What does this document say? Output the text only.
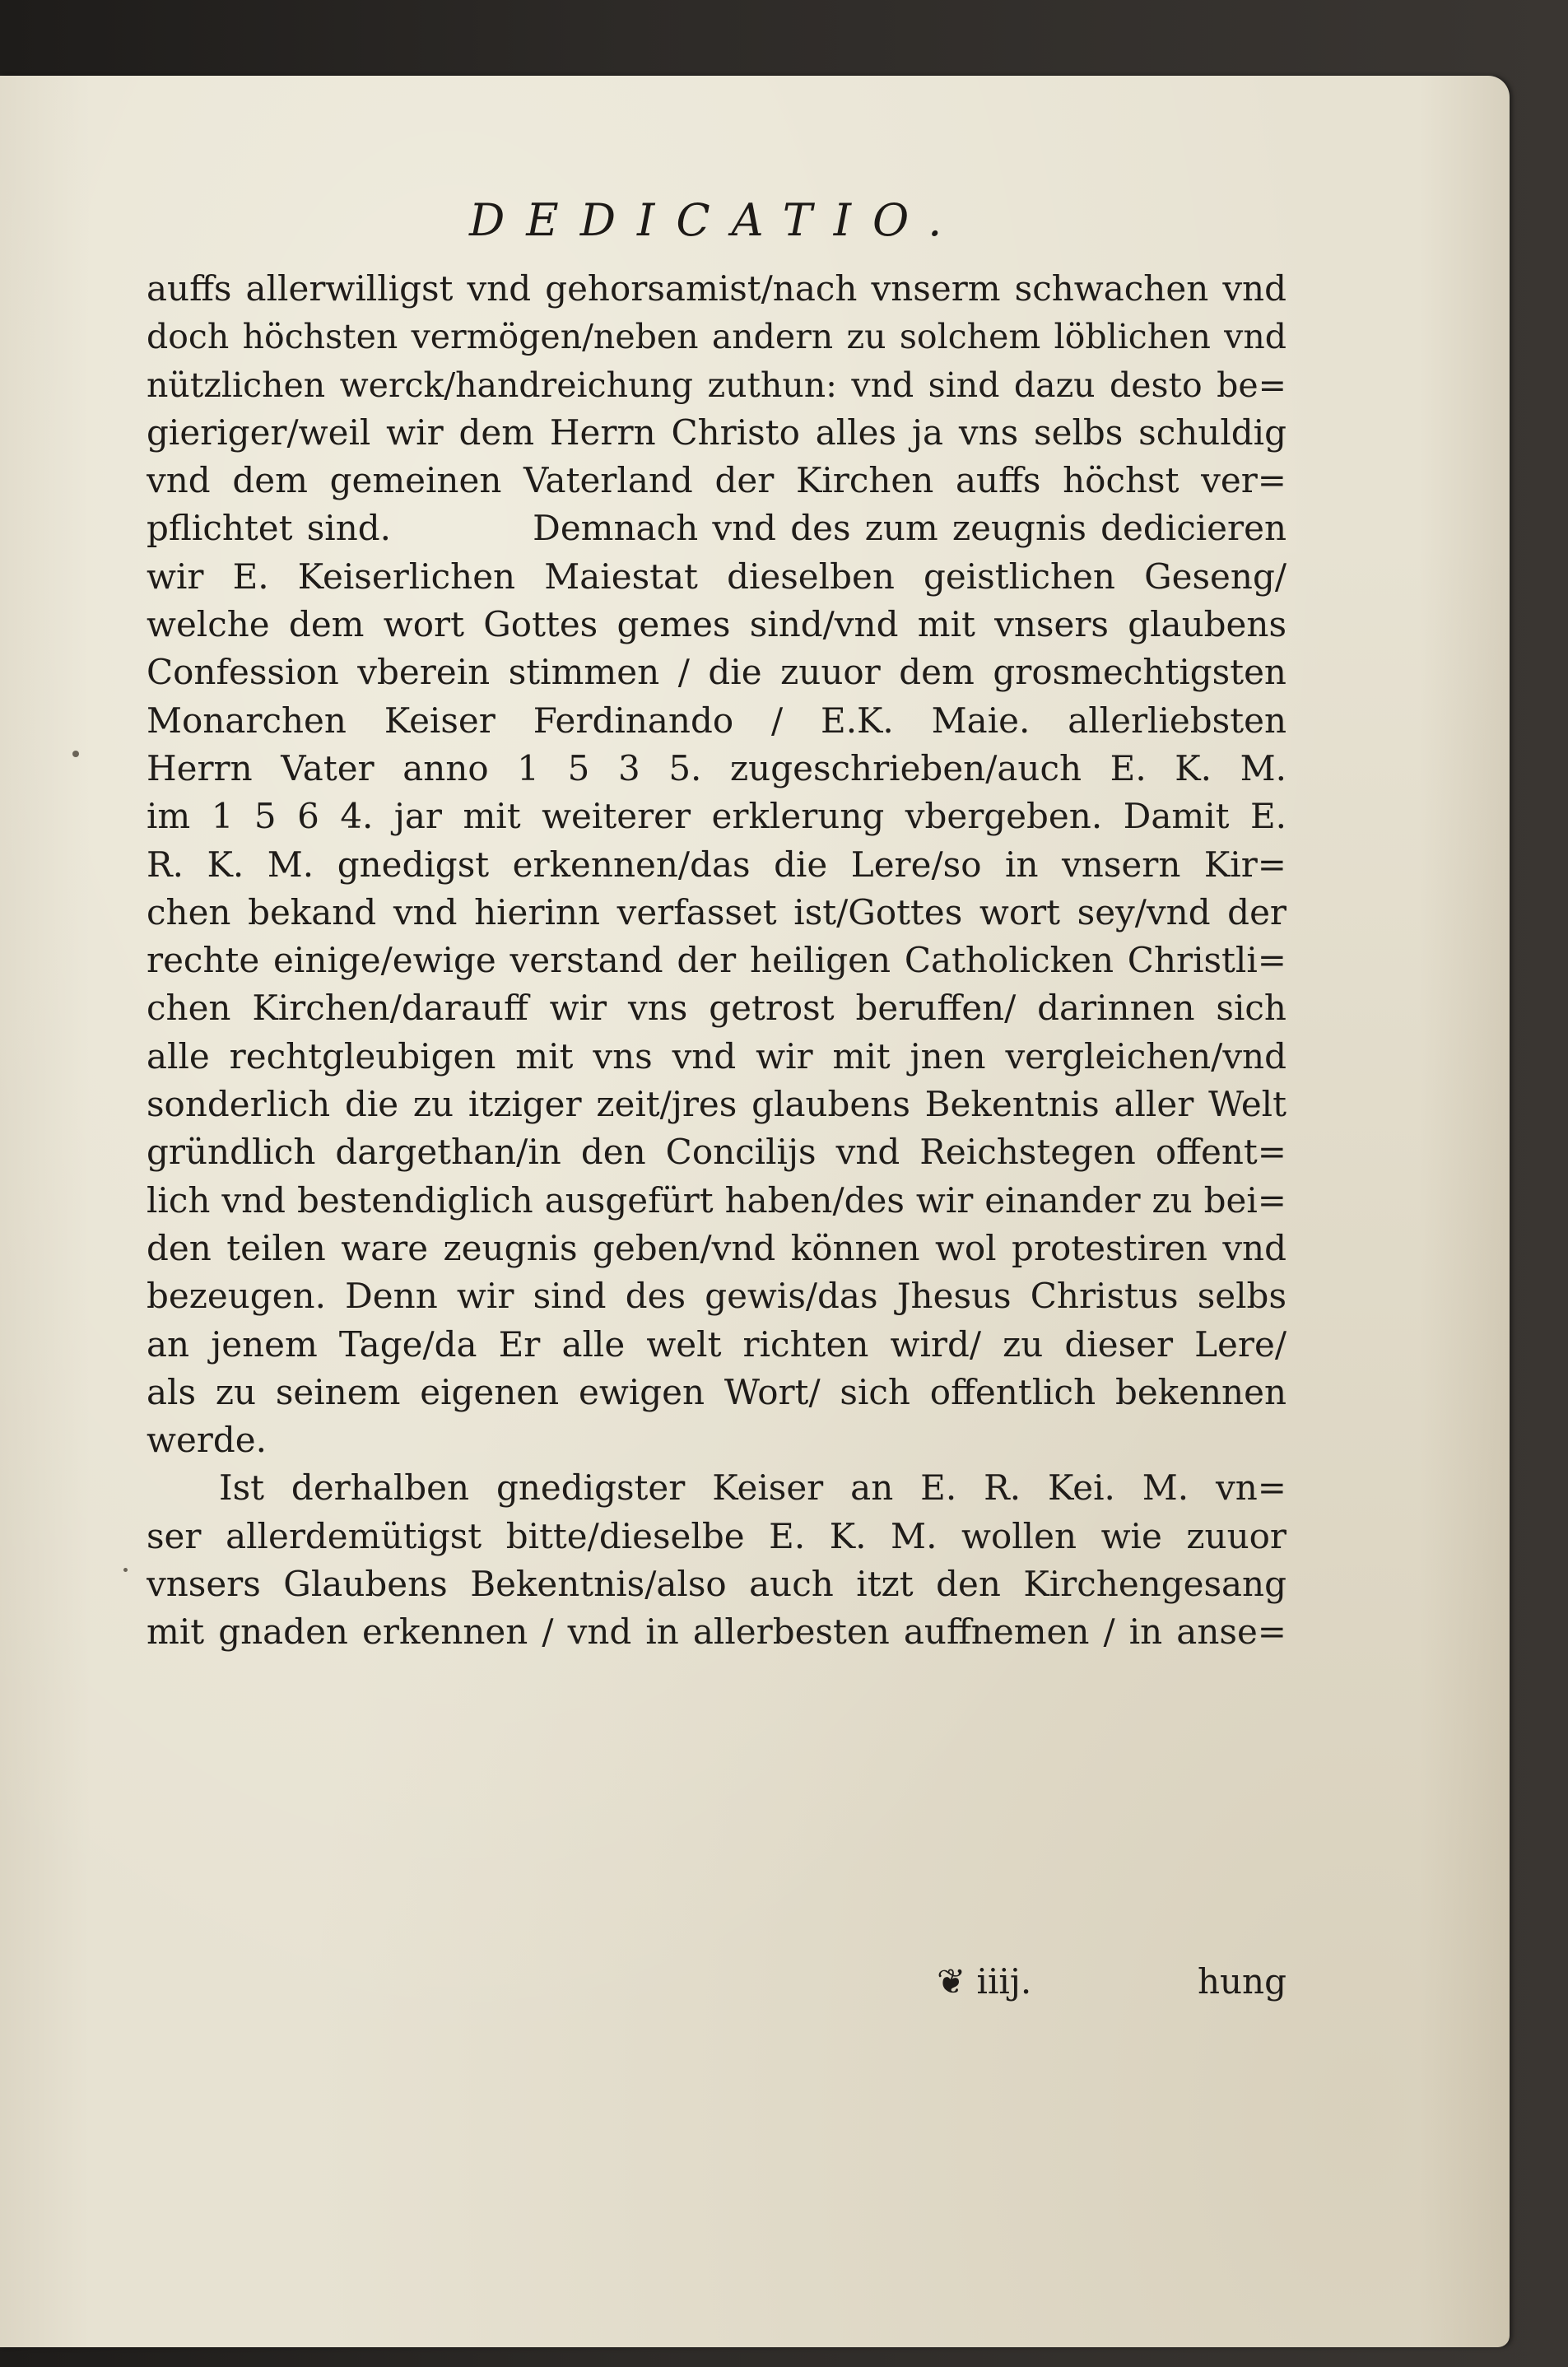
DEDICATIO.
auffs allerwilligst vnd gehorsamist/nach vnserm schwachen vnd
doch höchsten vermögen/neben andern zu solchem löblichen vnd
nützlichen werck/handreichung zuthun: vnd sind dazu desto be=
gieriger/weil wir dem Herrn Christo alles ja vns selbs schuldig
vnd dem gemeinen Vaterland der Kirchen auffs höchst ver=
pflichtet sind.          Demnach vnd des zum zeugnis dedicieren
wir E. Keiserlichen Maiestat dieselben geistlichen Geseng/
welche dem wort Gottes gemes sind/vnd mit vnsers glaubens
Confession vberein stimmen / die zuuor dem grosmechtigsten
Monarchen Keiser Ferdinando / E.K. Maie. allerliebsten
Herrn Vater anno 1 5 3 5. zugeschrieben/auch E. K. M.
im 1 5 6 4. jar mit weiterer erklerung vbergeben. Damit E.
R. K. M. gnedigst erkennen/das die Lere/so in vnsern Kir=
chen bekand vnd hierinn verfasset ist/Gottes wort sey/vnd der
rechte einige/ewige verstand der heiligen Catholicken Christli=
chen Kirchen/darauff wir vns getrost beruffen/ darinnen sich
alle rechtgleubigen mit vns vnd wir mit jnen vergleichen/vnd
sonderlich die zu itziger zeit/jres glaubens Bekentnis aller Welt
gründlich dargethan/in den Concilijs vnd Reichstegen offent=
lich vnd bestendiglich ausgefürt haben/des wir einander zu bei=
den teilen ware zeugnis geben/vnd können wol protestiren vnd
bezeugen. Denn wir sind des gewis/das Jhesus Christus selbs
an jenem Tage/da Er alle welt richten wird/ zu dieser Lere/
als zu seinem eigenen ewigen Wort/ sich offentlich bekennen
werde.
Ist derhalben gnedigster Keiser an E. R. Kei. M. vn=
ser allerdemütigst bitte/dieselbe E. K. M. wollen wie zuuor
vnsers Glaubens Bekentnis/also auch itzt den Kirchengesang
mit gnaden erkennen / vnd in allerbesten auffnemen / in anse=
❦ iiij.	hung
